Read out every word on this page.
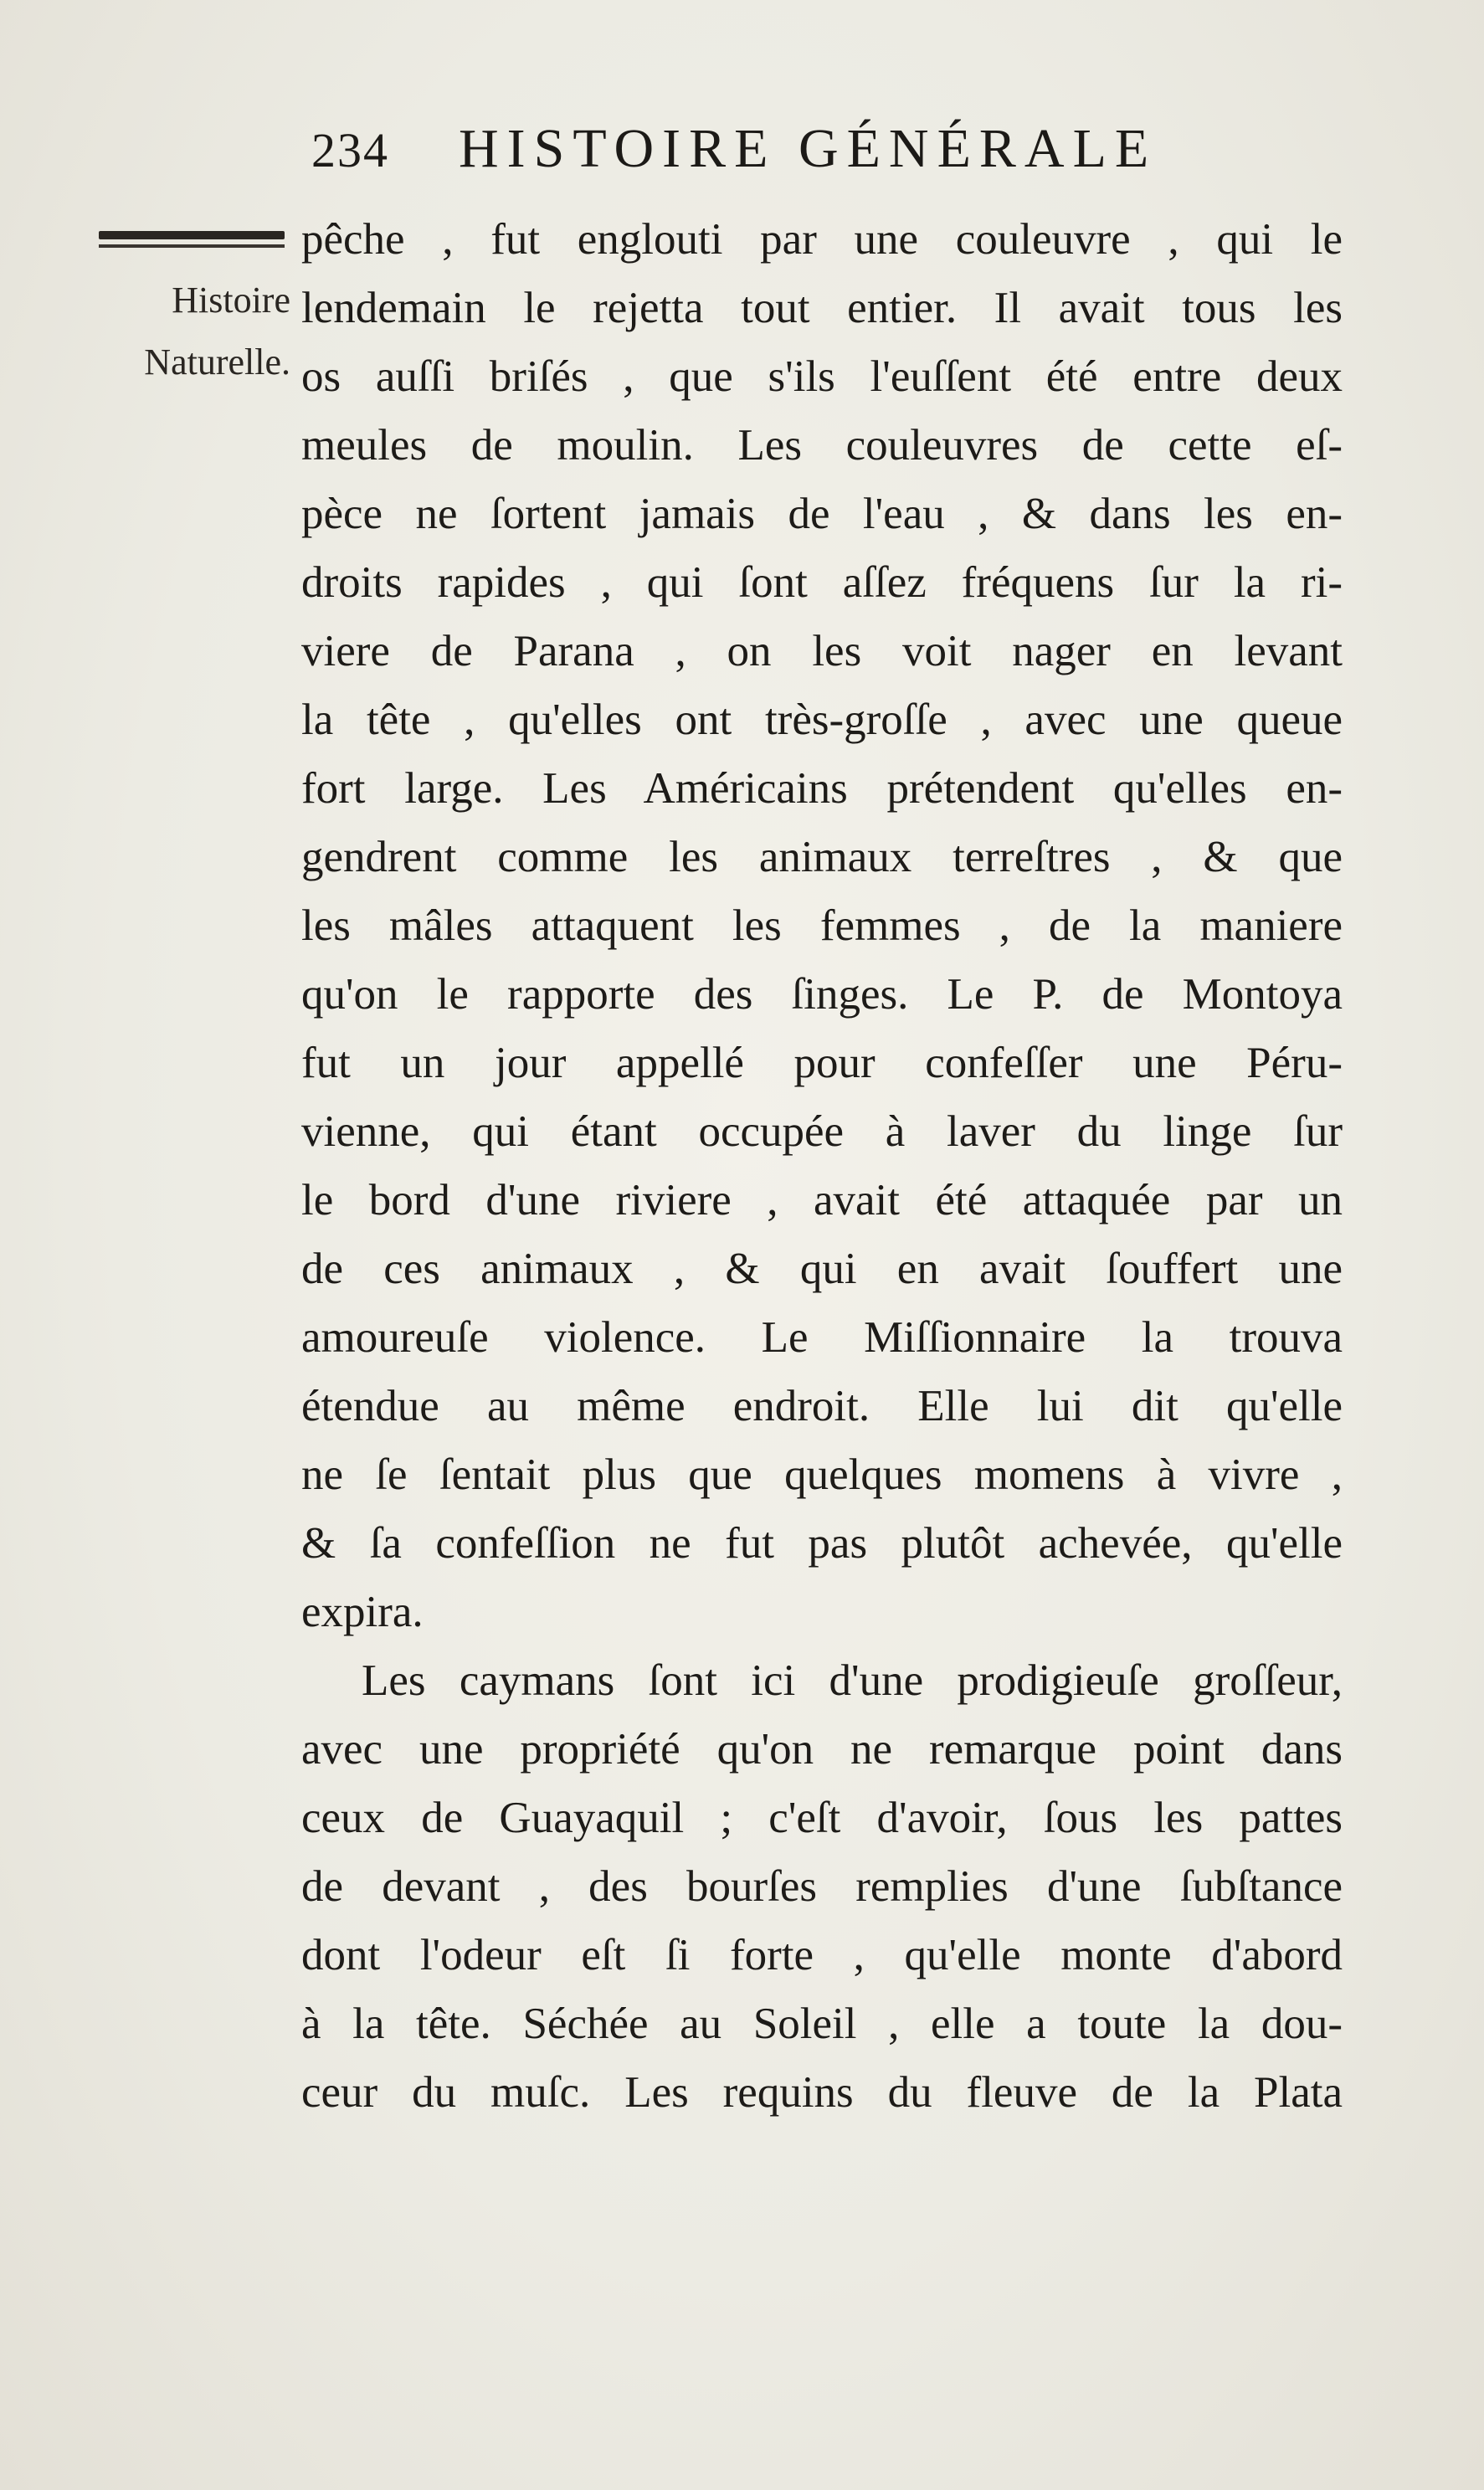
234 HISTOIRE GÉNÉRALE
Histoire
Naturelle.
pêche , fut englouti par une couleuvre , qui le
lendemain le rejetta tout entier. Il avait tous les
os auſſi briſés , que s'ils l'euſſent été entre deux
meules de moulin. Les couleuvres de cette eſ-
pèce ne ſortent jamais de l'eau , & dans les en-
droits rapides , qui ſont aſſez fréquens ſur la ri-
viere de Parana , on les voit nager en levant
la tête , qu'elles ont très-groſſe , avec une queue
fort large. Les Américains prétendent qu'elles en-
gendrent comme les animaux terreſtres , & que
les mâles attaquent les femmes , de la maniere
qu'on le rapporte des ſinges. Le P. de Montoya
fut un jour appellé pour confeſſer une Péru-
vienne, qui étant occupée à laver du linge ſur
le bord d'une riviere , avait été attaquée par un
de ces animaux , & qui en avait ſouffert une
amoureuſe violence. Le Miſſionnaire la trouva
étendue au même endroit. Elle lui dit qu'elle
ne ſe ſentait plus que quelques momens à vivre ,
& ſa confeſſion ne fut pas plutôt achevée, qu'elle
expira.
Les caymans ſont ici d'une prodigieuſe groſſeur,
avec une propriété qu'on ne remarque point dans
ceux de Guayaquil ; c'eſt d'avoir, ſous les pattes
de devant , des bourſes remplies d'une ſubſtance
dont l'odeur eſt ſi forte , qu'elle monte d'abord
à la tête. Séchée au Soleil , elle a toute la dou-
ceur du muſc. Les requins du fleuve de la Plata
